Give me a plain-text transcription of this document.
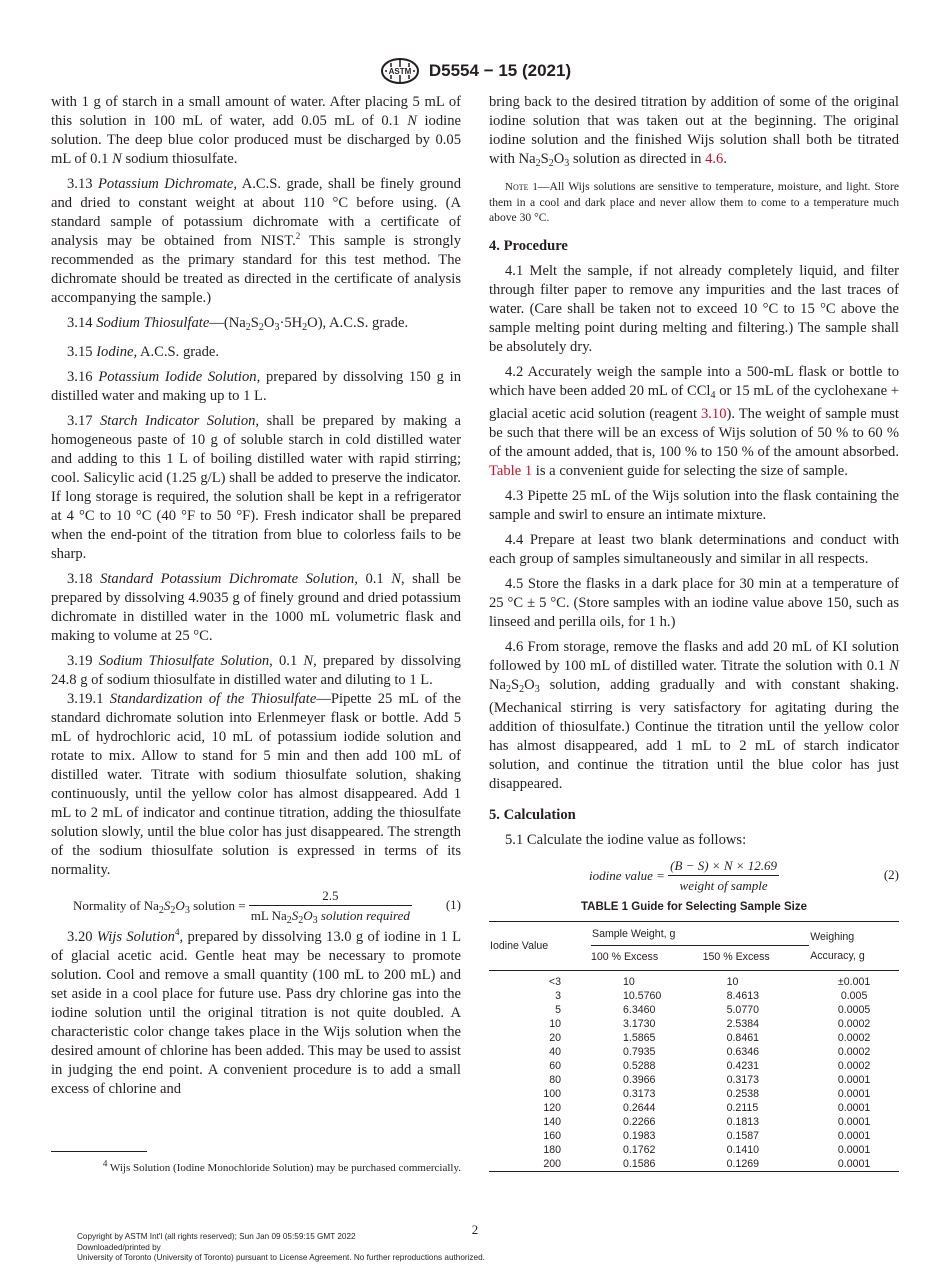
ASTM D5554 − 15 (2021)

with 1 g of starch in a small amount of water. After placing 5 mL of this solution in 100 mL of water, add 0.05 mL of 0.1 N iodine solution. The deep blue color produced must be discharged by 0.05 mL of 0.1 N sodium thiosulfate.

3.13 Potassium Dichromate, A.C.S. grade, shall be finely ground and dried to constant weight at about 110 °C before using. (A standard sample of potassium dichromate with a certificate of analysis may be obtained from NIST.$^2$ This sample is strongly recommended as the primary standard for this test method. The dichromate should be treated as directed in the certificate of analysis accompanying the sample.)

3.14 Sodium $Thiosulfate—(Na_2S_2O_3\cdot 5H_2O)$, A.C.S. grade.

3.15 Iodine, A.C.S. grade.

3.16 Potassium Iodide Solution, prepared by dissolving 150 g in distilled water and making up to 1 L.

3.17 Starch Indicator Solution, shall be prepared by making a homogeneous paste of 10 g of soluble starch in cold distilled water and adding to this 1 L of boiling distilled water with rapid stirring; cool. Salicylic acid (1.25 g/L) shall be added to preserve the indicator. If long storage is required, the solution shall be kept in a refrigerator at 4 °C to 10 °C (40 °F to 50 °F). Fresh indicator shall be prepared when the end-point of the titration from blue to colorless fails to be sharp.

3.18 Standard Potassium Dichromate Solution, 0.1 N, shall be prepared by dissolving 4.9035 g of finely ground and dried potassium dichromate in distilled water in the 1000 mL volumetric flask and making to volume at 25 °C.

3.19 Sodium Thiosulfate Solution, 0.1 N, prepared by dissolving 24.8 g of sodium thiosulfate in distilled water and diluting to 1 L.

3.19.1 Standardization of the Thiosulfate—Pipette 25 mL of the standard dichromate solution into Erlenmeyer flask or bottle. Add 5 mL of hydrochloric acid, 10 mL of potassium iodide solution and rotate to mix. Allow to stand for 5 min and then add 100 mL of distilled water. Titrate with sodium thiosulfate solution, shaking continuously, until the yellow color has almost disappeared. Add 1 mL to 2 mL of indicator and continue titration, adding the thiosulfate solution slowly, until the blue color has just disappeared. The strength of the sodium thiosulfate solution is expressed in terms of its normality.

Normality of $Na_2S_2O_3$ solution = $\frac{2.5}{mL Na_2S_2O_3 solution required}$	(1)

3.20 Wijs Solution$^4$, prepared by dissolving 13.0 g of iodine in 1 L of glacial acetic acid. Gentle heat may be necessary to promote solution. Cool and remove a small quantity (100 mL to 200 mL) and set aside in a cool place for future use. Pass dry chlorine gas into the iodine solution until the original titration is not quite doubled. A characteristic color change takes place in the Wijs solution when the desired amount of chlorine has been added. This may be used to assist in judging the end point. A convenient procedure is to add a small excess of chlorine and

bring back to the desired titration by addition of some of the original iodine solution that was taken out at the beginning. The original iodine solution and the finished Wijs solution shall both be titrated with $Na_2S_2O_3$ solution as directed in 4.6.

Note 1—All Wijs solutions are sensitive to temperature, moisture, and light. Store them in a cool and dark place and never allow them to come to a temperature much above 30 °C.

4. Procedure

4.1 Melt the sample, if not already completely liquid, and filter through filter paper to remove any impurities and the last traces of water. (Care shall be taken not to exceed 10 °C to 15 °C above the sample melting point during melting and filtering.) The sample shall be absolutely dry.

4.2 Accurately weigh the sample into a 500-mL flask or bottle to which have been added 20 mL of CCl$_4$ or 15 mL of the cyclohexane + glacial acetic acid solution (reagent 3.10). The weight of sample must be such that there will be an excess of Wijs solution of 50 % to 60 % of the amount added, that is, 100 % to 150 % of the amount absorbed. Table 1 is a convenient guide for selecting the size of sample.

4.3 Pipette 25 mL of the Wijs solution into the flask containing the sample and swirl to ensure an intimate mixture.

4.4 Prepare at least two blank determinations and conduct with each group of samples simultaneously and similar in all respects.

4.5 Store the flasks in a dark place for 30 min at a temperature of 25 °C ± 5 °C. (Store samples with an iodine value above 150, such as linseed and perilla oils, for 1 h.)

4.6 From storage, remove the flasks and add 20 mL of KI solution followed by 100 mL of distilled water. Titrate the solution with 0.1 N $Na_2S_2O_3$ solution, adding gradually and with constant shaking. (Mechanical stirring is very satisfactory for agitating during the addition of thiosulfate.) Continue the titration until the yellow color has almost disappeared, add 1 mL to 2 mL of starch indicator solution, and continue the titration until the blue color has just disappeared.

5. Calculation

5.1 Calculate the iodine value as follows:

iodine value = $\frac{(B - S) \times N \times 12.69}{\text{weight of sample}}$	(2)
TABLE 1 Guide for Selecting Sample Size
Iodine Value	Sample Weight, g		Weighing
Accuracy, g
	100 % Excess	150 % Excess	
<3	10	10	±0.001
3	10.5760	8.4613	0.005
5	6.3460	5.0770	0.0005
10	3.1730	2.5384	0.0002
20	1.5865	0.8461	0.0002
40	0.7935	0.6346	0.0002
60	0.5288	0.4231	0.0002
80	0.3966	0.3173	0.0001
100	0.3173	0.2538	0.0001
120	0.2644	0.2115	0.0001
140	0.2266	0.1813	0.0001
160	0.1983	0.1587	0.0001
180	0.1762	0.1410	0.0001
200	0.1586	0.1269	0.0001
$^4$ Wijs Solution (Iodine Monochloride Solution) may be purchased commercially.
2
Copyright by ASTM Int'l (all rights reserved); Sun Jan 09 05:59:15 GMT 2022
Downloaded/printed by
University of Toronto (University of Toronto) pursuant to License Agreement. No further reproductions authorized.
